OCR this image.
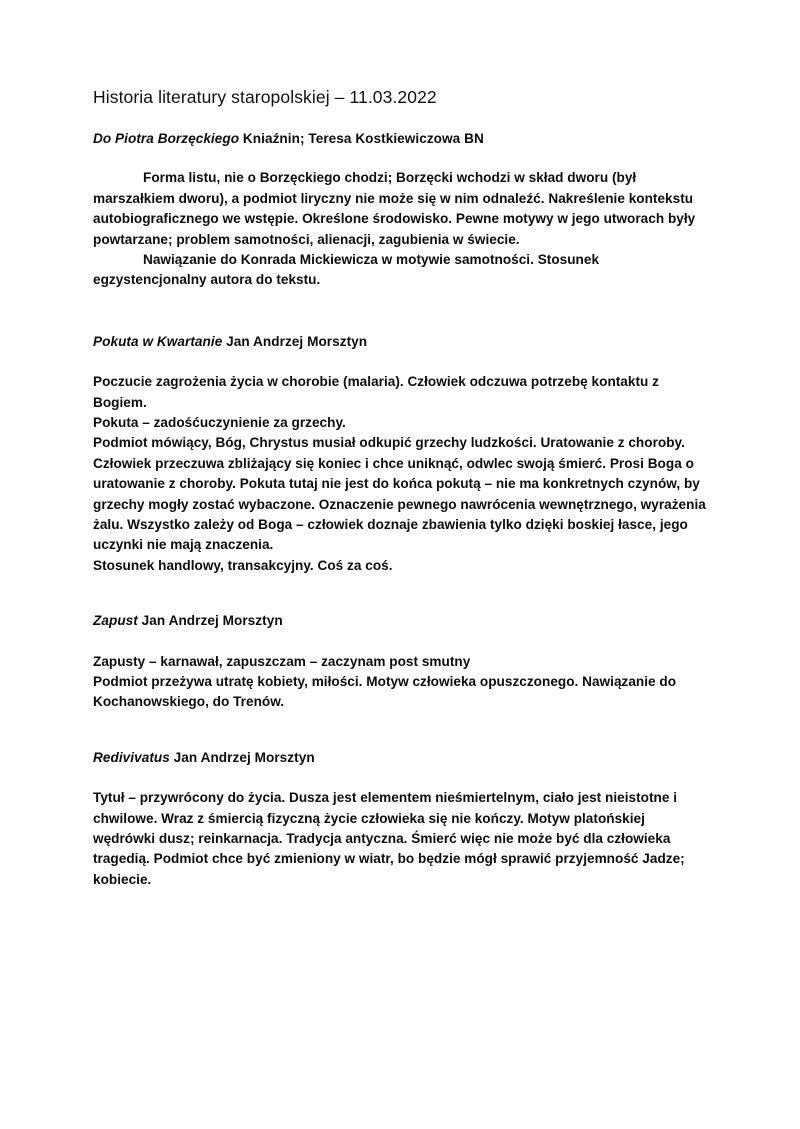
Historia literatury staropolskiej – 11.03.2022
Do Piotra Borzęckiego Kniaźnin; Teresa Kostkiewiczowa BN

Forma listu, nie o Borzęckiego chodzi; Borzęcki wchodzi w skład dworu (był marszałkiem dworu), a podmiot liryczny nie może się w nim odnaleźć. Nakreślenie kontekstu autobiograficznego we wstępie. Określone środowisko. Pewne motywy w jego utworach były powtarzane; problem samotności, alienacji, zagubienia w świecie.

Nawiązanie do Konrada Mickiewicza w motywie samotności. Stosunek egzystencjonalny autora do tekstu.

Pokuta w Kwartanie Jan Andrzej Morsztyn

Poczucie zagrożenia życia w chorobie (malaria). Człowiek odczuwa potrzebę kontaktu z Bogiem.

Pokuta – zadośćuczynienie za grzechy.

Podmiot mówiący, Bóg, Chrystus musiał odkupić grzechy ludzkości. Uratowanie z choroby. Człowiek przeczuwa zbliżający się koniec i chce uniknąć, odwlec swoją śmierć. Prosi Boga o uratowanie z choroby. Pokuta tutaj nie jest do końca pokutą – nie ma konkretnych czynów, by grzechy mogły zostać wybaczone. Oznaczenie pewnego nawrócenia wewnętrznego, wyrażenia żalu. Wszystko zależy od Boga – człowiek doznaje zbawienia tylko dzięki boskiej łasce, jego uczynki nie mają znaczenia.

Stosunek handlowy, transakcyjny. Coś za coś.

Zapust Jan Andrzej Morsztyn

Zapusty – karnawał, zapuszczam – zaczynam post smutny

Podmiot przeżywa utratę kobiety, miłości. Motyw człowieka opuszczonego. Nawiązanie do Kochanowskiego, do Trenów.

Redivivatus Jan Andrzej Morsztyn

Tytuł – przywrócony do życia. Dusza jest elementem nieśmiertelnym, ciało jest nieistotne i chwilowe. Wraz z śmiercią fizyczną życie człowieka się nie kończy. Motyw platońskiej wędrówki dusz; reinkarnacja. Tradycja antyczna. Śmierć więc nie może być dla człowieka tragedią. Podmiot chce być zmieniony w wiatr, bo będzie mógł sprawić przyjemność Jadze; kobiecie.
